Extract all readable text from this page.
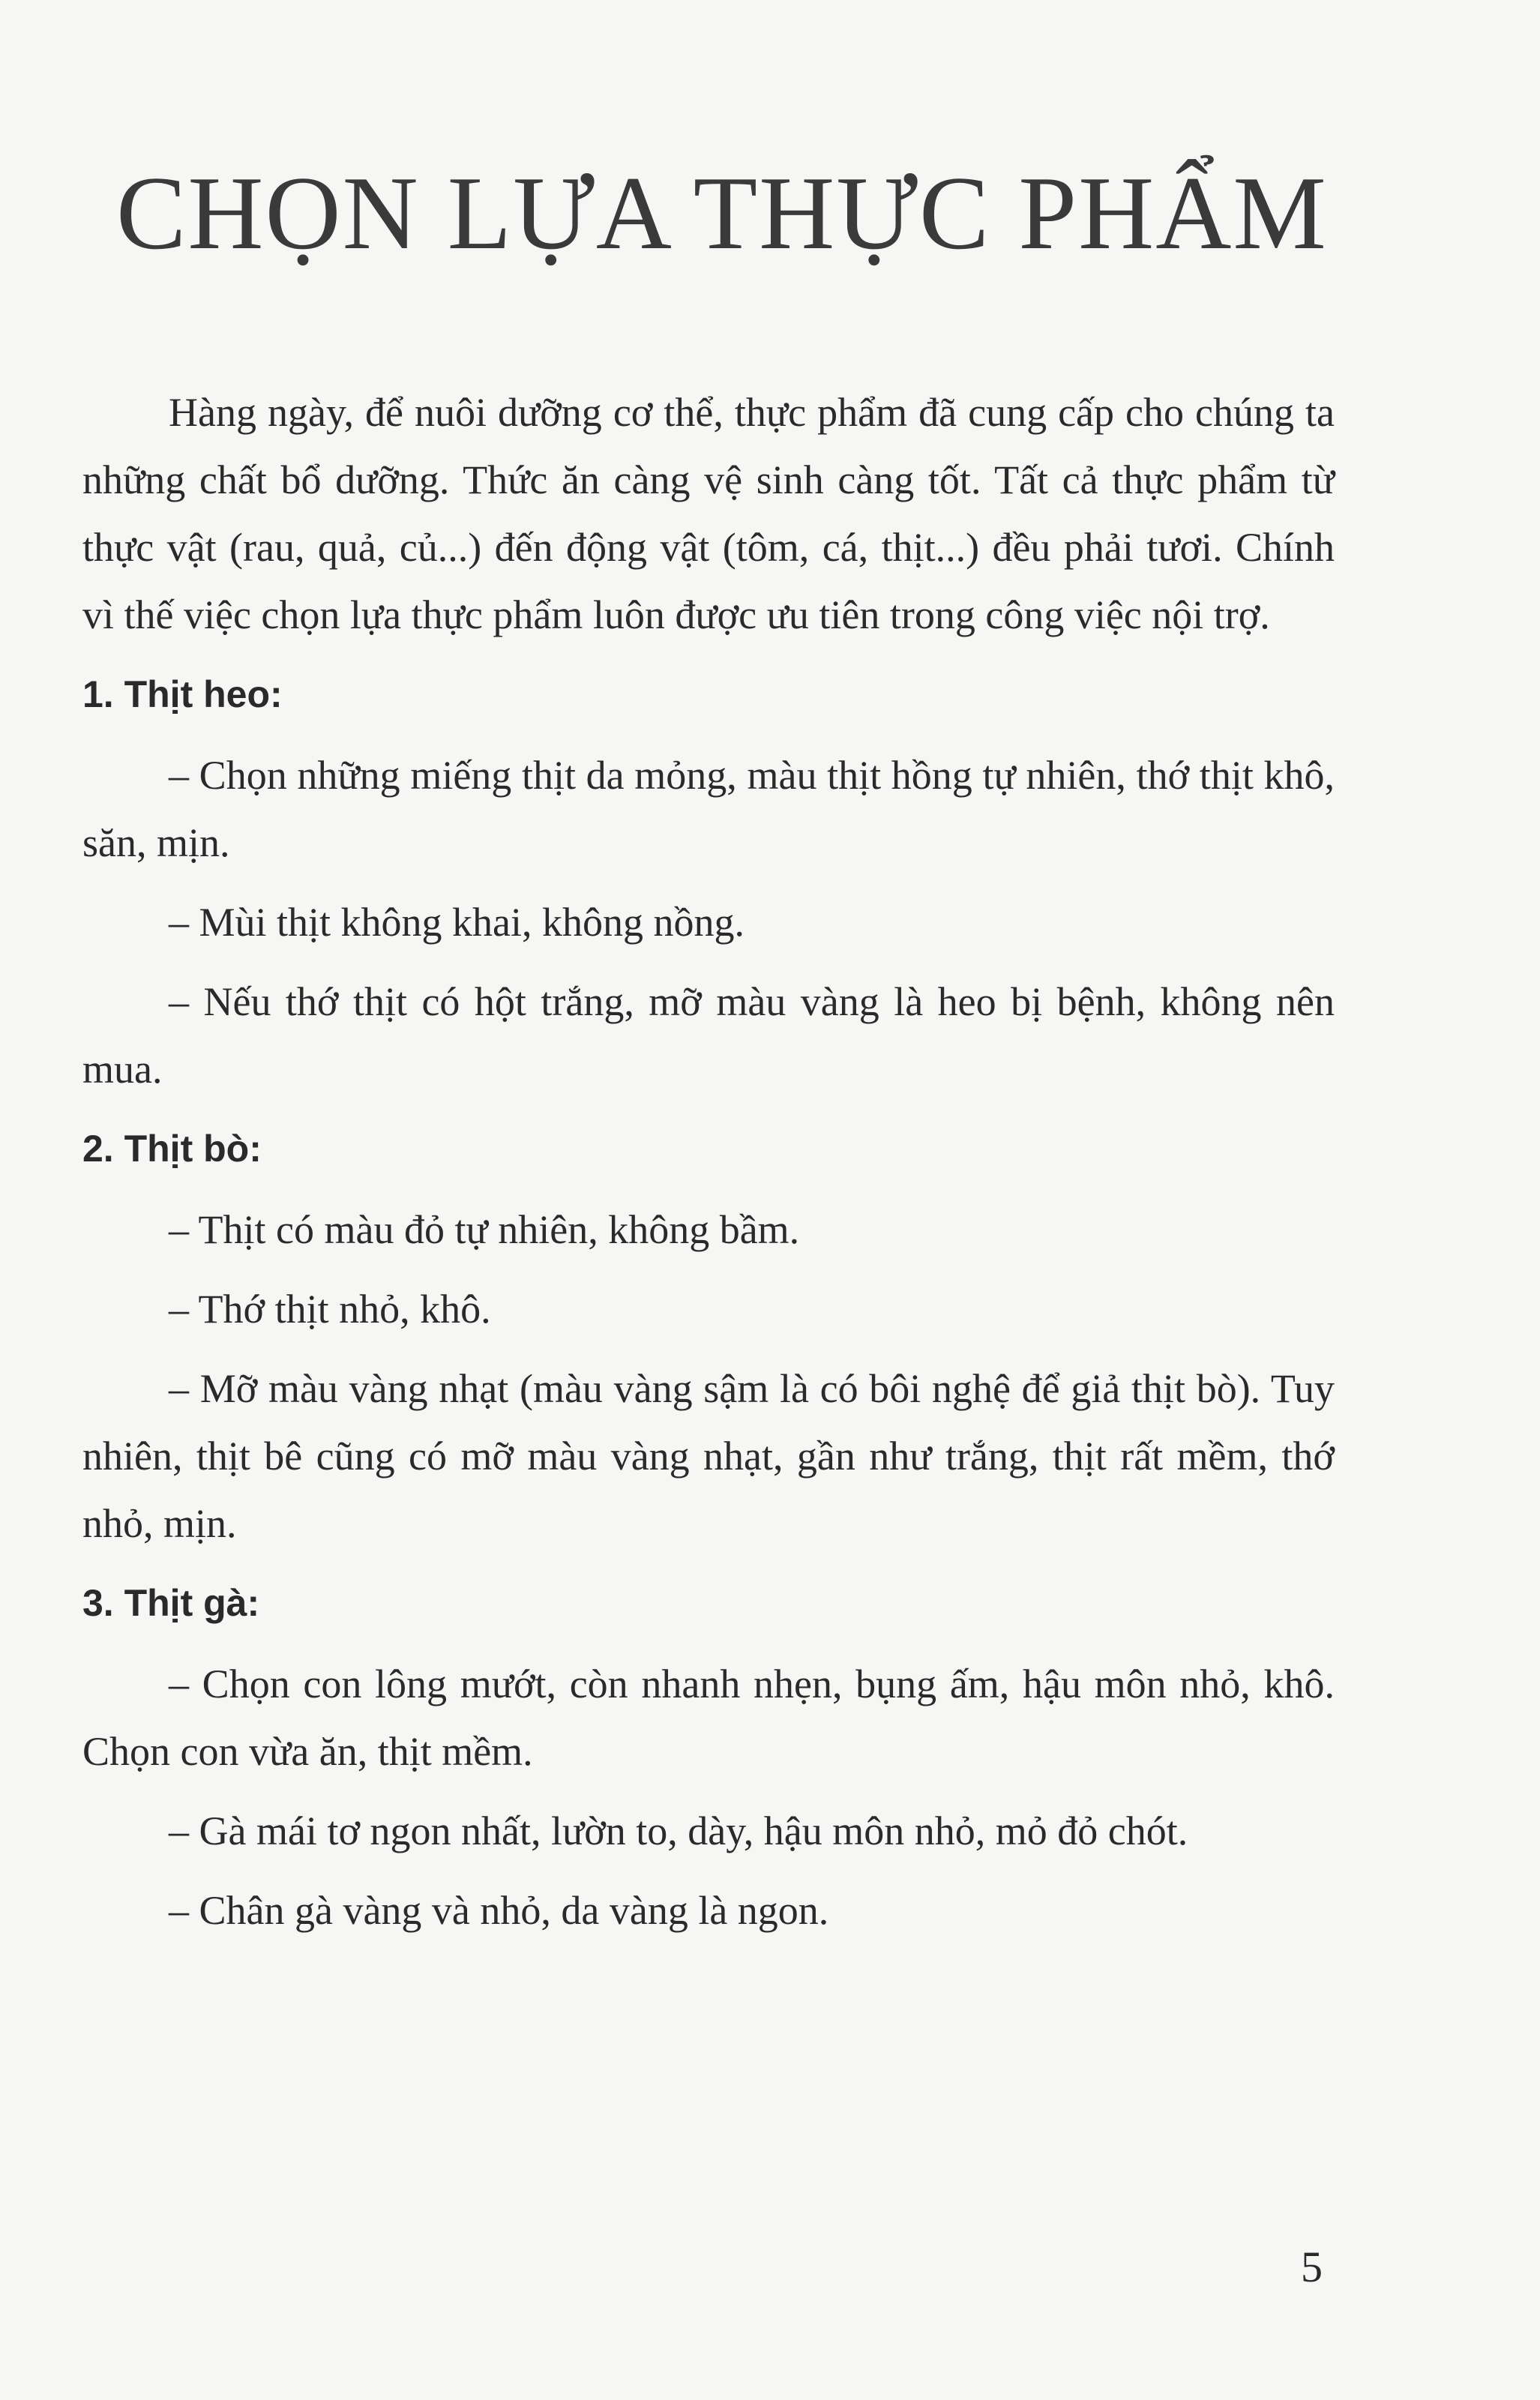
CHỌN LỰA THỰC PHẨM

Hàng ngày, để nuôi dưỡng cơ thể, thực phẩm đã cung cấp cho chúng ta những chất bổ dưỡng. Thức ăn càng vệ sinh càng tốt. Tất cả thực phẩm từ thực vật (rau, quả, củ...) đến động vật (tôm, cá, thịt...) đều phải tươi. Chính vì thế việc chọn lựa thực phẩm luôn được ưu tiên trong công việc nội trợ.

1. Thịt heo:

– Chọn những miếng thịt da mỏng, màu thịt hồng tự nhiên, thớ thịt khô, săn, mịn.

– Mùi thịt không khai, không nồng.

– Nếu thớ thịt có hột trắng, mỡ màu vàng là heo bị bệnh, không nên mua.

2. Thịt bò:

– Thịt có màu đỏ tự nhiên, không bầm.

– Thớ thịt nhỏ, khô.

– Mỡ màu vàng nhạt (màu vàng sậm là có bôi nghệ để giả thịt bò). Tuy nhiên, thịt bê cũng có mỡ màu vàng nhạt, gần như trắng, thịt rất mềm, thớ nhỏ, mịn.

3. Thịt gà:

– Chọn con lông mướt, còn nhanh nhẹn, bụng ấm, hậu môn nhỏ, khô. Chọn con vừa ăn, thịt mềm.

– Gà mái tơ ngon nhất, lườn to, dày, hậu môn nhỏ, mỏ đỏ chót.

– Chân gà vàng và nhỏ, da vàng là ngon.

5
